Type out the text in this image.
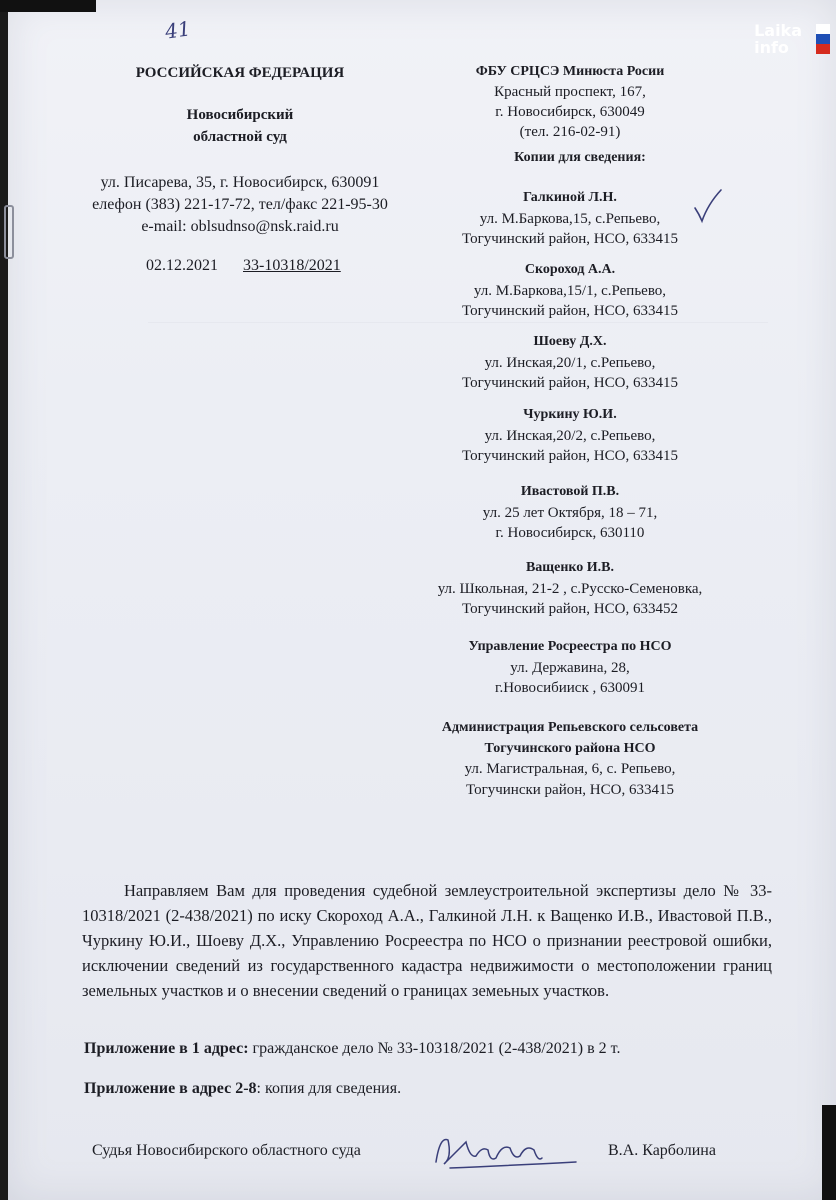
Laika
info
41
РОССИЙСКАЯ ФЕДЕРАЦИЯ
Новосибирский
областной суд
ул. Писарева, 35, г. Новосибирск, 630091
елефон (383) 221-17-72, тел/факс 221-95-30
e-mail: oblsudnso@nsk.raid.ru
02.12.2021 33-10318/2021
ФБУ СРЦСЭ Минюста Росии
Красный проспект, 167,
г. Новосибирск, 630049
(тел. 216-02-91)
Копии для сведения:
Галкиной Л.Н.
ул. М.Баркова,15, с.Репьево,
Тогучинский район, НСО, 633415
Скороход А.А.
ул. М.Баркова,15/1, с.Репьево,
Тогучинский район, НСО, 633415
Шоеву Д.Х.
ул. Инская,20/1, с.Репьево,
Тогучинский район, НСО, 633415
Чуркину Ю.И.
ул. Инская,20/2, с.Репьево,
Тогучинский район, НСО, 633415
Ивастовой П.В.
ул. 25 лет Октября, 18 – 71,
г. Новосибирск, 630110
Ващенко И.В.
ул. Школьная, 21-2 , с.Русско-Семеновка,
Тогучинский район, НСО, 633452
Управление Росреестра по НСО
ул. Державина, 28,
г.Новосибииск , 630091
Администрация Репьевского сельсовета
Тогучинского района НСО
ул. Магистральная, 6, с. Репьево,
Тогучински район, НСО, 633415
Направляем Вам для проведения судебной землеустроительной экспертизы дело № 33-10318/2021 (2-438/2021) по иску Скороход А.А., Галкиной Л.Н. к Ващенко И.В., Ивастовой П.В., Чуркину Ю.И., Шоеву Д.Х., Управлению Росреестра по НСО о признании реестровой ошибки, исключении сведений из государственного кадастра недвижимости о местоположении границ земельных участков и о внесении сведений о границах земеьных участков.
Приложение в 1 адрес: гражданское дело № 33-10318/2021 (2-438/2021) в 2 т.
Приложение в адрес 2-8: копия для сведения.
Судья Новосибирского областного суда	В.А. Карболина
